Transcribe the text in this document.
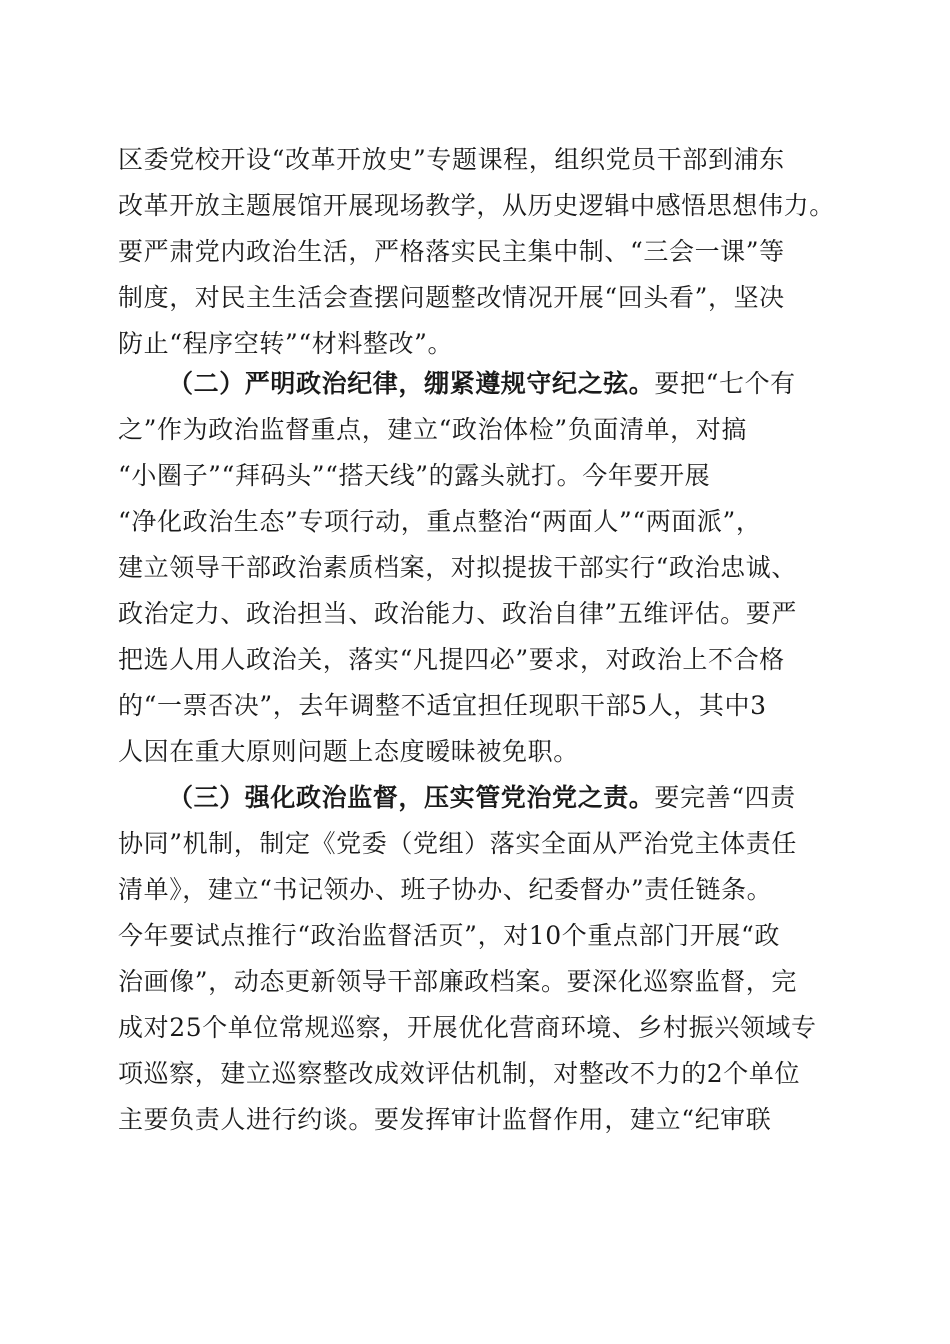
区委党校开设“改革开放史”专题课程，组织党员干部到浦东
改革开放主题展馆开展现场教学，从历史逻辑中感悟思想伟力。
要严肃党内政治生活，严格落实民主集中制、“三会一课”等
制度，对民主生活会查摆问题整改情况开展“回头看”，坚决
防止“程序空转”“材料整改”。
（二）严明政治纪律，绷紧遵规守纪之弦。要把“七个有
之”作为政治监督重点，建立“政治体检”负面清单，对搞
“小圈子”“拜码头”“搭天线”的露头就打。今年要开展
“净化政治生态”专项行动，重点整治“两面人”“两面派”，
建立领导干部政治素质档案，对拟提拔干部实行“政治忠诚、
政治定力、政治担当、政治能力、政治自律”五维评估。要严
把选人用人政治关，落实“凡提四必”要求，对政治上不合格
的“一票否决”，去年调整不适宜担任现职干部5人，其中3
人因在重大原则问题上态度暧昧被免职。
（三）强化政治监督，压实管党治党之责。要完善“四责
协同”机制，制定《党委（党组）落实全面从严治党主体责任
清单》，建立“书记领办、班子协办、纪委督办”责任链条。
今年要试点推行“政治监督活页”，对10个重点部门开展“政
治画像”，动态更新领导干部廉政档案。要深化巡察监督，完
成对25个单位常规巡察，开展优化营商环境、乡村振兴领域专
项巡察，建立巡察整改成效评估机制，对整改不力的2个单位
主要负责人进行约谈。要发挥审计监督作用，建立“纪审联
